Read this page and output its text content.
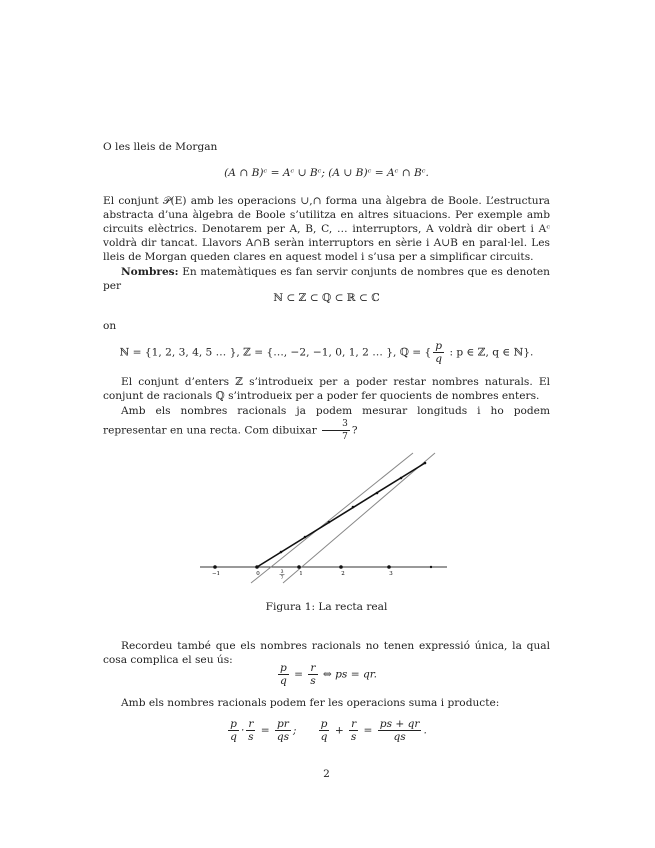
O les lleis de Morgan
(A ∩ B)ᶜ = Aᶜ ∪ Bᶜ; (A ∪ B)ᶜ = Aᶜ ∩ Bᶜ.
El conjunt 𝒫(E) amb les operacions ∪,∩ forma una àlgebra de Boole. L’estructura abstracta d’una àlgebra de Boole s’utilitza en altres situacions. Per exemple amb circuits elèctrics. Denotarem per A, B, C, … interruptors, A voldrà dir obert i Aᶜ voldrà dir tancat. Llavors A∩B seràn interruptors en sèrie i A∪B en paral·lel. Les lleis de Morgan queden clares en aquest model i s’usa per a simplificar circuits.
Nombres: En matemàtiques es fan servir conjunts de nombres que es denoten per
ℕ ⊂ ℤ ⊂ ℚ ⊂ ℝ ⊂ ℂ
on
ℕ = {1, 2, 3, 4, 5 … }, ℤ = {…, −2, −1, 0, 1, 2 … }, ℚ = { $\frac{p}{q}$ : p ∈ ℤ, q ∈ ℕ}.
El conjunt d’enters ℤ s’introdueix per a poder restar nombres naturals. El conjunt de racionals ℚ s’introdueix per a poder fer quocients de nombres enters.
Amb els nombres racionals ja podem mesurar longituds i ho podem representar en una recta. Com dibuixar $\frac{3}{7}$ ?
−1	0	1	2	3
3
7
Figura 1: La recta real
Recordeu també que els nombres racionals no tenen expressió única, la qual cosa complica el seu ús:
$\frac{p}{q} = \frac{r}{s}$ ⇔ ps = qr.
Amb els nombres racionals podem fer les operacions suma i producte:
$\frac{p}{q} \cdot \frac{r}{s} = \frac{pr}{qs}$ ; $\frac{p}{q} + \frac{r}{s} = \frac{ps + qr}{qs}$ .
2
